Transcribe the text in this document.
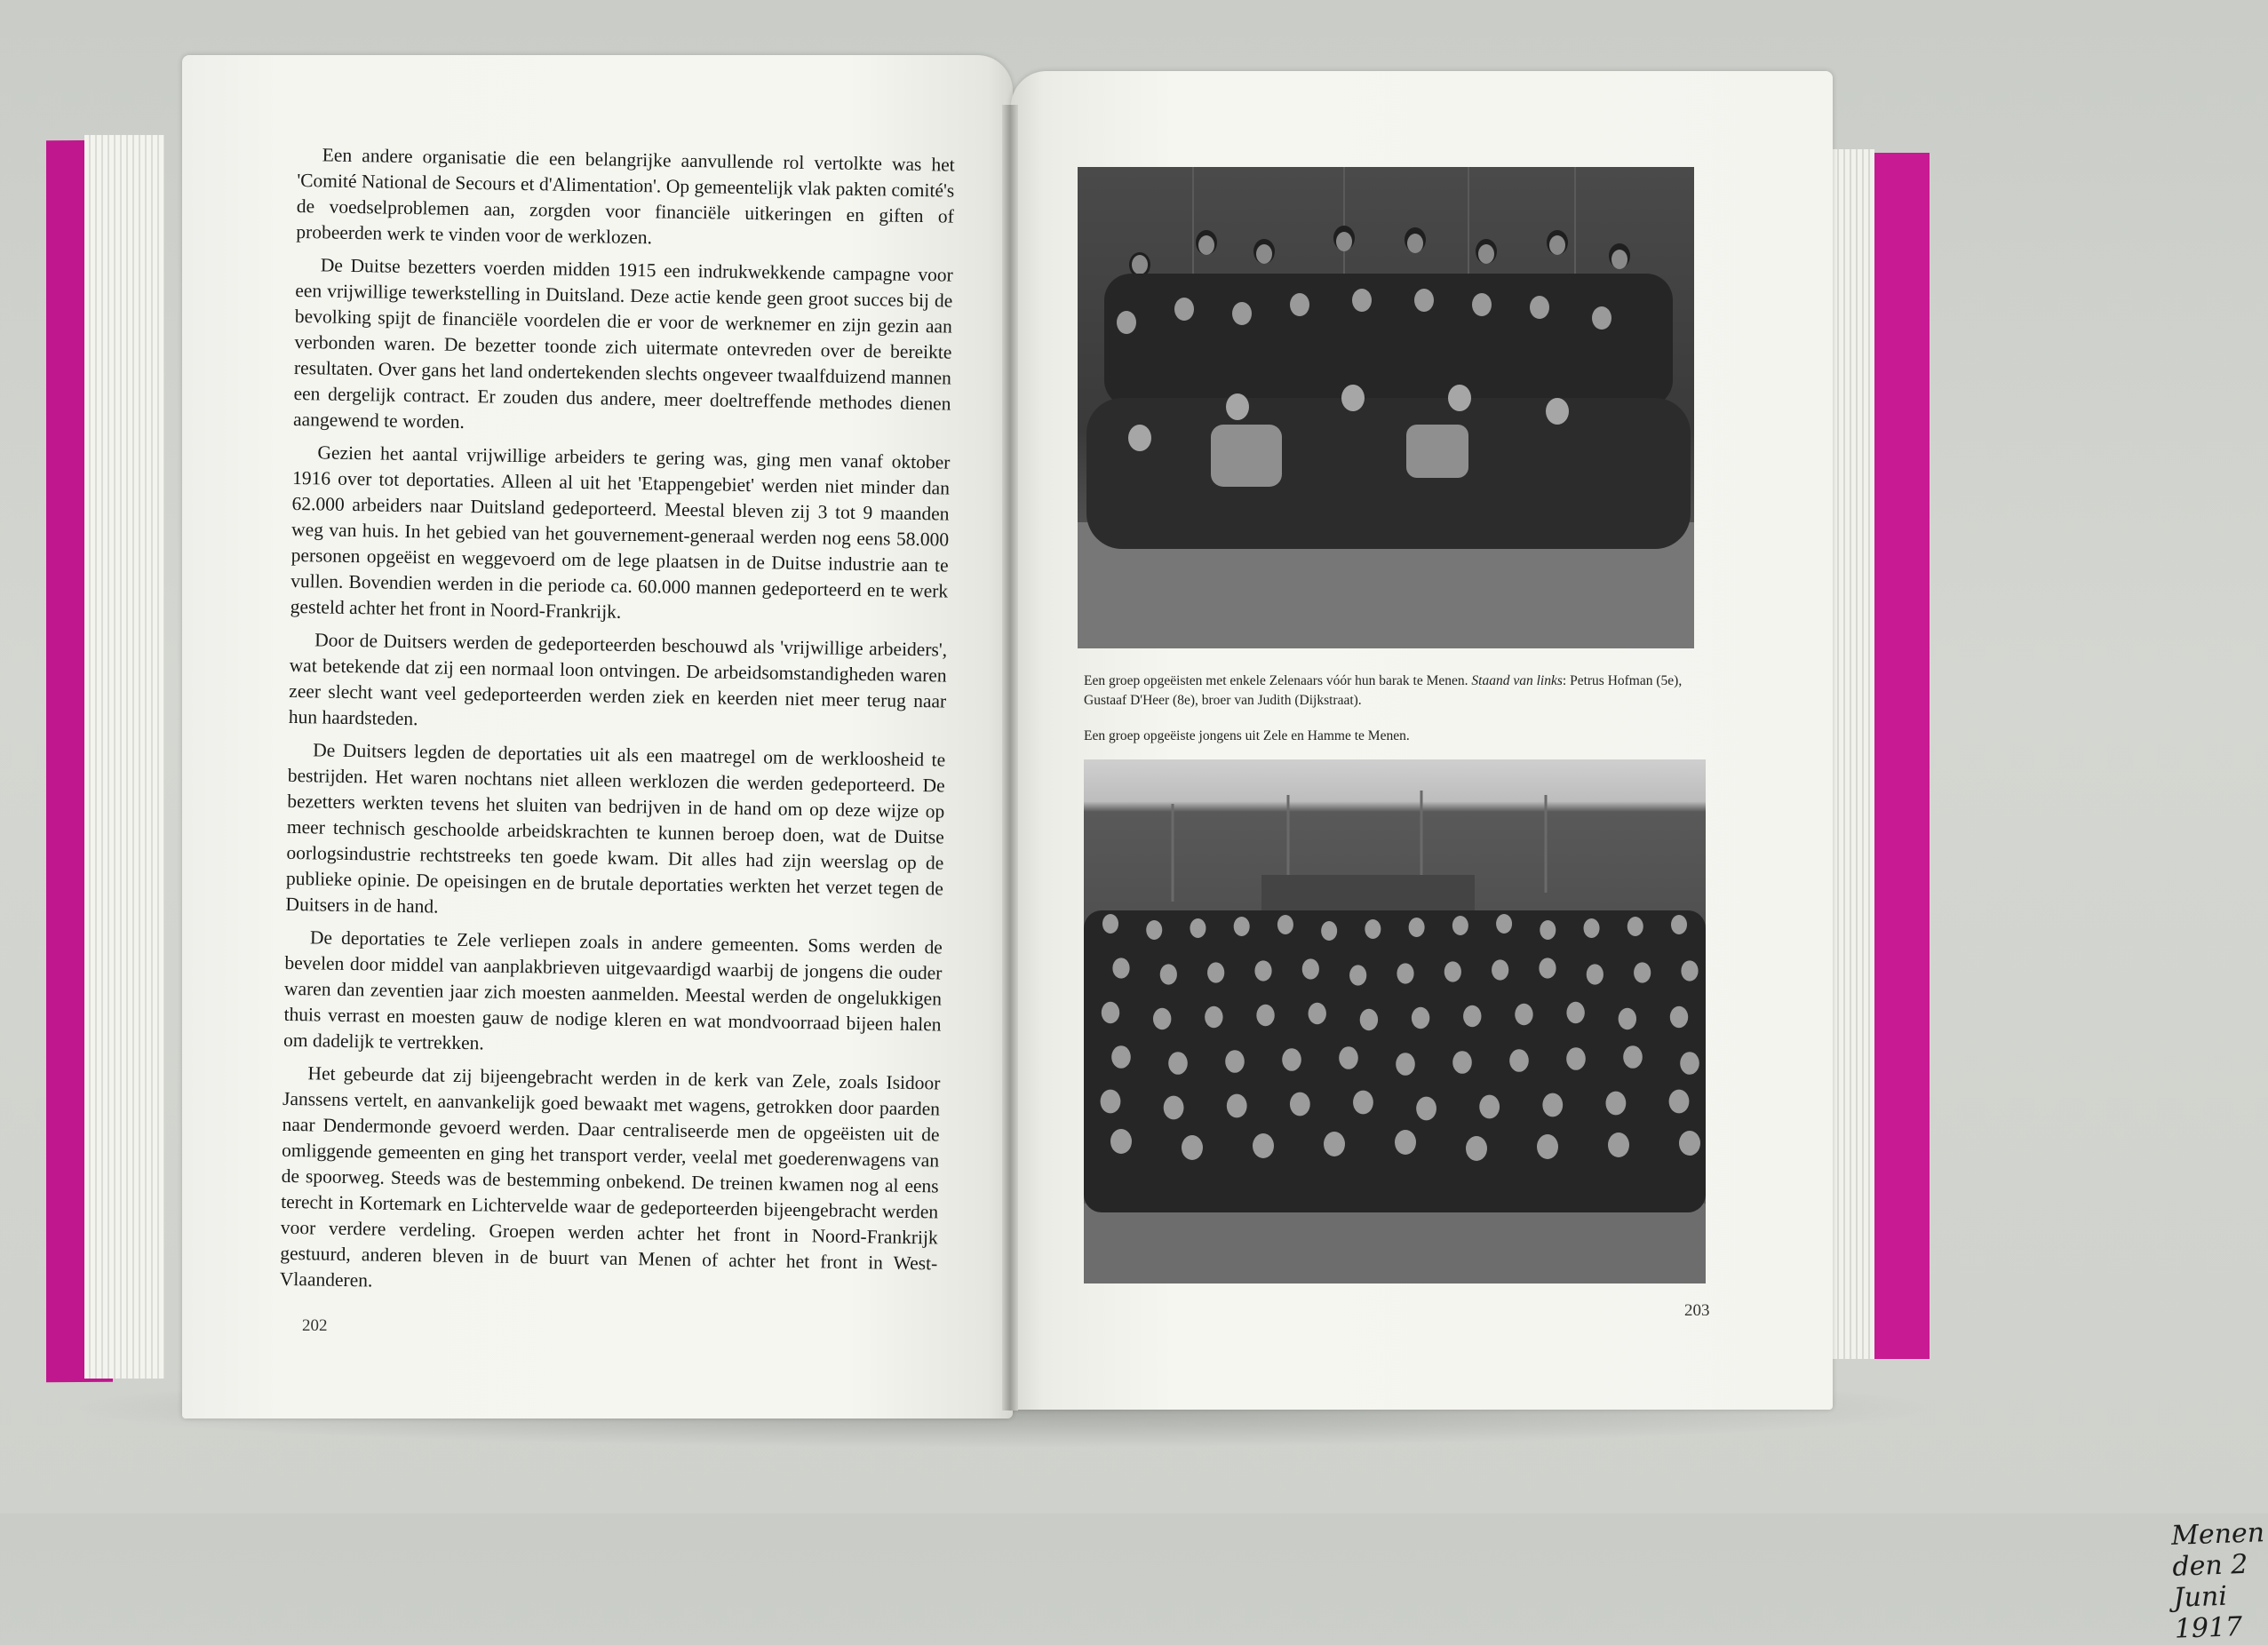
Een andere organisatie die een belangrijke aanvullende rol vertolkte was het 'Comité National de Secours et d'Alimentation'. Op gemeentelijk vlak pakten comité's de voedselproblemen aan, zorgden voor financiële uitkeringen en giften of probeerden werk te vinden voor de werklozen.

De Duitse bezetters voerden midden 1915 een indrukwekkende campagne voor een vrijwillige tewerkstelling in Duitsland. Deze actie kende geen groot succes bij de bevolking spijt de financiële voordelen die er voor de werknemer en zijn gezin aan verbonden waren. De bezetter toonde zich uitermate ontevreden over de bereikte resultaten. Over gans het land ondertekenden slechts ongeveer twaalfduizend mannen een dergelijk contract. Er zouden dus andere, meer doeltreffende methodes dienen aangewend te worden.

Gezien het aantal vrijwillige arbeiders te gering was, ging men vanaf oktober 1916 over tot deportaties. Alleen al uit het 'Etappengebiet' werden niet minder dan 62.000 arbeiders naar Duitsland gedeporteerd. Meestal bleven zij 3 tot 9 maanden weg van huis. In het gebied van het gouvernement-generaal werden nog eens 58.000 personen opgeëist en weggevoerd om de lege plaatsen in de Duitse industrie aan te vullen. Bovendien werden in die periode ca. 60.000 mannen gedeporteerd en te werk gesteld achter het front in Noord-Frankrijk.

Door de Duitsers werden de gedeporteerden beschouwd als 'vrijwillige arbeiders', wat betekende dat zij een normaal loon ontvingen. De arbeidsomstandigheden waren zeer slecht want veel gedeporteerden werden ziek en keerden niet meer terug naar hun haardsteden.

De Duitsers legden de deportaties uit als een maatregel om de werkloosheid te bestrijden. Het waren nochtans niet alleen werklozen die werden gedeporteerd. De bezetters werkten tevens het sluiten van bedrijven in de hand om op deze wijze op meer technisch geschoolde arbeidskrachten te kunnen beroep doen, wat de Duitse oorlogsindustrie rechtstreeks ten goede kwam. Dit alles had zijn weerslag op de publieke opinie. De opeisingen en de brutale deportaties werkten het verzet tegen de Duitsers in de hand.

De deportaties te Zele verliepen zoals in andere gemeenten. Soms werden de bevelen door middel van aanplakbrieven uitgevaardigd waarbij de jongens die ouder waren dan zeventien jaar zich moesten aanmelden. Meestal werden de ongelukkigen thuis verrast en moesten gauw de nodige kleren en wat mondvoorraad bijeen halen om dadelijk te vertrekken.

Het gebeurde dat zij bijeengebracht werden in de kerk van Zele, zoals Isidoor Janssens vertelt, en aanvankelijk goed bewaakt met wagens, getrokken door paarden naar Dendermonde gevoerd werden. Daar centraliseerde men de opgeëisten uit de omliggende gemeenten en ging het transport verder, veelal met goederenwagens van de spoorweg. Steeds was de bestemming onbekend. De treinen kwamen nog al eens terecht in Kortemark en Lichtervelde waar de gedeporteerden bijeengebracht werden voor verdere verdeling. Groepen werden achter het front in Noord-Frankrijk gestuurd, anderen bleven in de buurt van Menen of achter het front in West-Vlaanderen.

202
Een groep opgeëisten met enkele Zelenaars vóór hun barak te Menen. Staand van links: Petrus Hofman (5e), Gustaaf D'Heer (8e), broer van Judith (Dijkstraat).
Een groep opgeëiste jongens uit Zele en Hamme te Menen.
Menen den 2 Juni 1917
203
